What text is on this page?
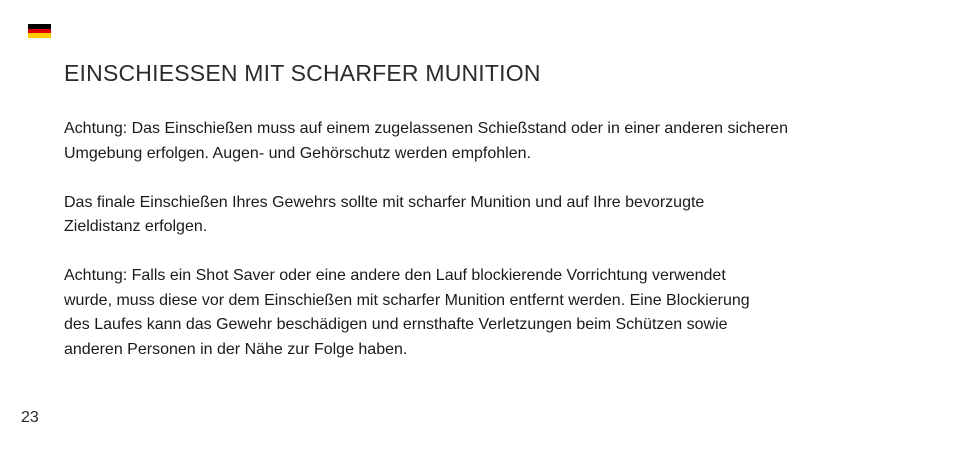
EINSCHIESSEN MIT SCHARFER MUNITION

Achtung: Das Einschießen muss auf einem zugelassenen Schießstand oder in einer anderen sicheren
Umgebung erfolgen. Augen- und Gehörschutz werden empfohlen.

Das finale Einschießen Ihres Gewehrs sollte mit scharfer Munition und auf Ihre bevorzugte
Zieldistanz erfolgen.

Achtung: Falls ein Shot Saver oder eine andere den Lauf blockierende Vorrichtung verwendet
wurde, muss diese vor dem Einschießen mit scharfer Munition entfernt werden. Eine Blockierung
des Laufes kann das Gewehr beschädigen und ernsthafte Verletzungen beim Schützen sowie
anderen Personen in der Nähe zur Folge haben.

23
